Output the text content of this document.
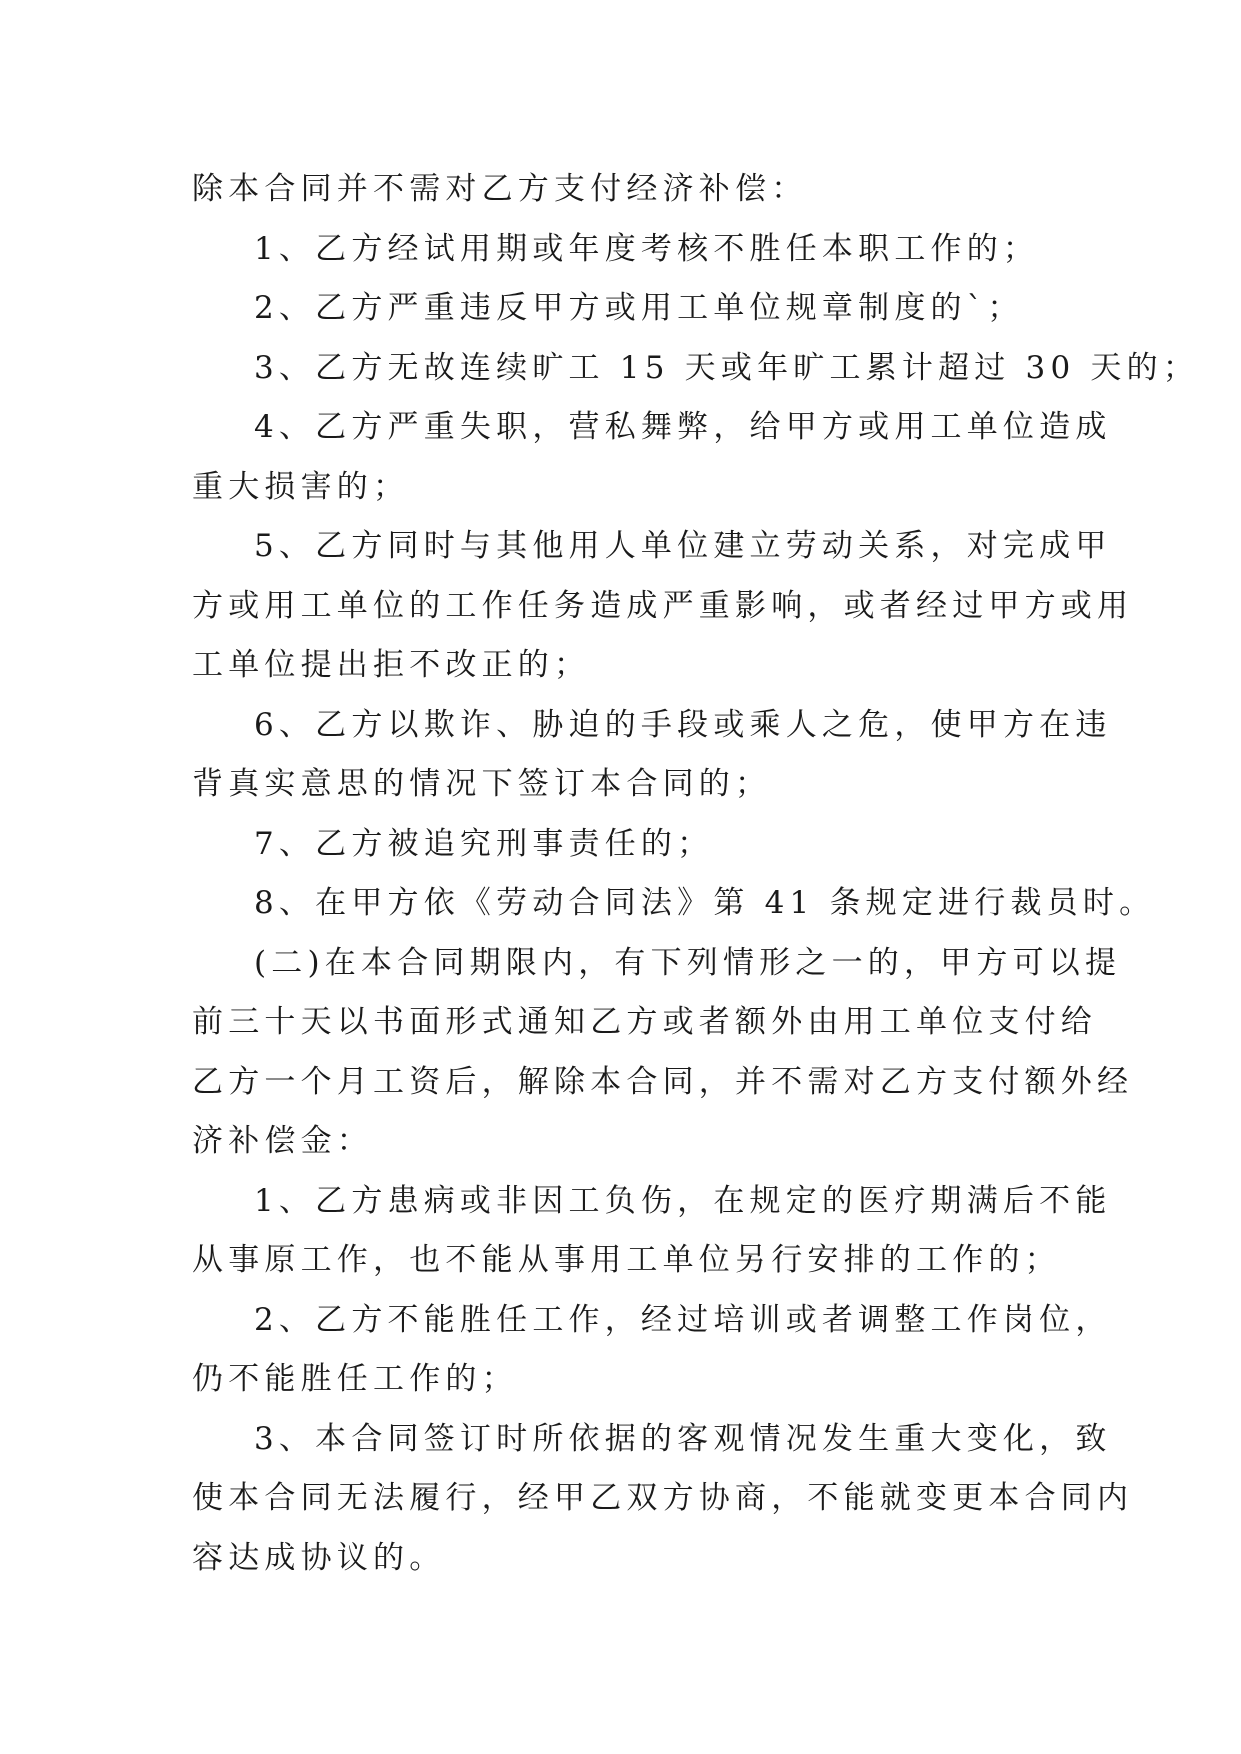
除本合同并不需对乙方支付经济补偿：
1、乙方经试用期或年度考核不胜任本职工作的；
2、乙方严重违反甲方或用工单位规章制度的`；
3、乙方无故连续旷工 15 天或年旷工累计超过 30 天的；
4、乙方严重失职，营私舞弊，给甲方或用工单位造成
重大损害的；
5、乙方同时与其他用人单位建立劳动关系，对完成甲
方或用工单位的工作任务造成严重影响，或者经过甲方或用
工单位提出拒不改正的；
6、乙方以欺诈、胁迫的手段或乘人之危，使甲方在违
背真实意思的情况下签订本合同的；
7、乙方被追究刑事责任的；
8、在甲方依《劳动合同法》第 41 条规定进行裁员时。
(二)在本合同期限内，有下列情形之一的，甲方可以提
前三十天以书面形式通知乙方或者额外由用工单位支付给
乙方一个月工资后，解除本合同，并不需对乙方支付额外经
济补偿金：
1、乙方患病或非因工负伤，在规定的医疗期满后不能
从事原工作，也不能从事用工单位另行安排的工作的；
2、乙方不能胜任工作，经过培训或者调整工作岗位，
仍不能胜任工作的；
3、本合同签订时所依据的客观情况发生重大变化，致
使本合同无法履行，经甲乙双方协商，不能就变更本合同内
容达成协议的。
